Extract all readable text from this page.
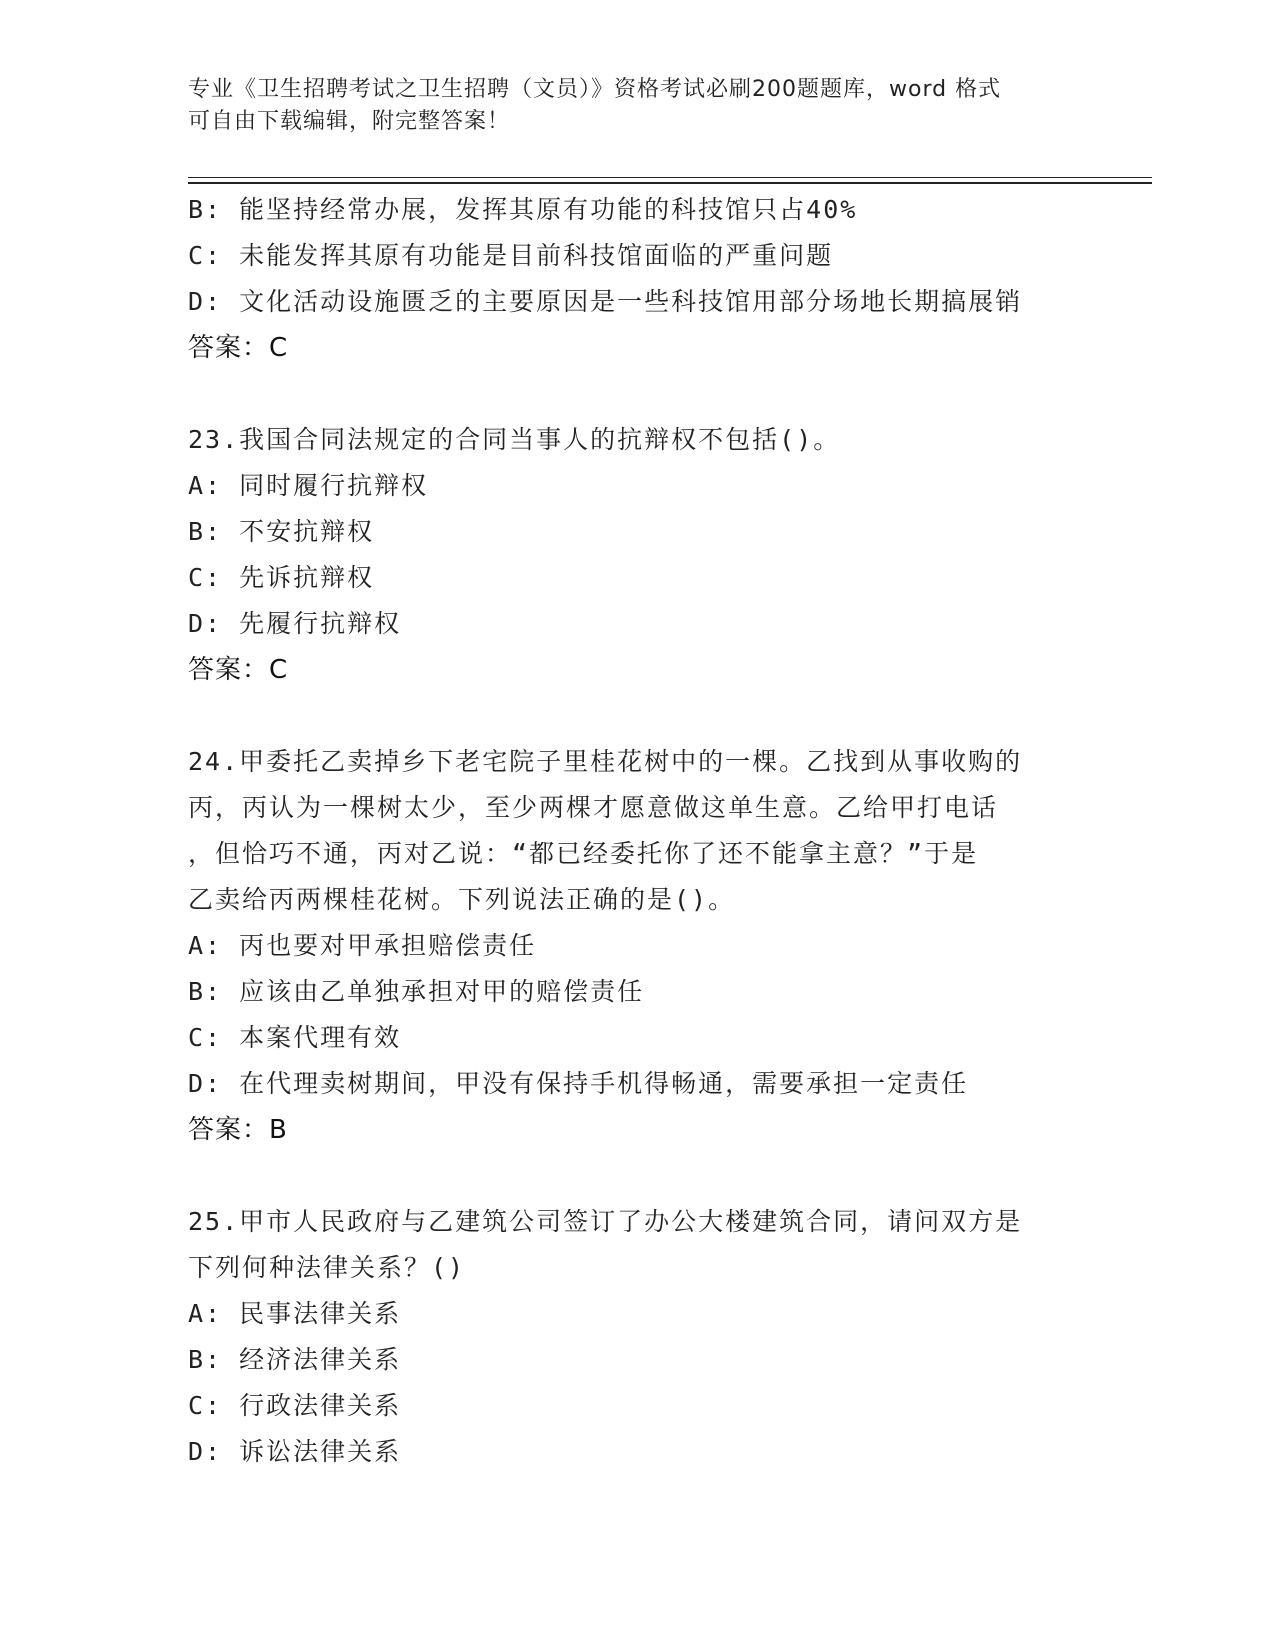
专业《卫生招聘考试之卫生招聘（文员）》资格考试必刷200题题库，word 格式
可自由下载编辑，附完整答案！
B: 能坚持经常办展，发挥其原有功能的科技馆只占40%
C: 未能发挥其原有功能是目前科技馆面临的严重问题
D: 文化活动设施匮乏的主要原因是一些科技馆用部分场地长期搞展销
答案：C
23.我国合同法规定的合同当事人的抗辩权不包括()。
A: 同时履行抗辩权
B: 不安抗辩权
C: 先诉抗辩权
D: 先履行抗辩权
答案：C
24.甲委托乙卖掉乡下老宅院子里桂花树中的一棵。乙找到从事收购的
丙，丙认为一棵树太少，至少两棵才愿意做这单生意。乙给甲打电话
，但恰巧不通，丙对乙说：“都已经委托你了还不能拿主意？”于是
乙卖给丙两棵桂花树。下列说法正确的是()。
A: 丙也要对甲承担赔偿责任
B: 应该由乙单独承担对甲的赔偿责任
C: 本案代理有效
D: 在代理卖树期间，甲没有保持手机得畅通，需要承担一定责任
答案：B
25.甲市人民政府与乙建筑公司签订了办公大楼建筑合同，请问双方是
下列何种法律关系？()
A: 民事法律关系
B: 经济法律关系
C: 行政法律关系
D: 诉讼法律关系
